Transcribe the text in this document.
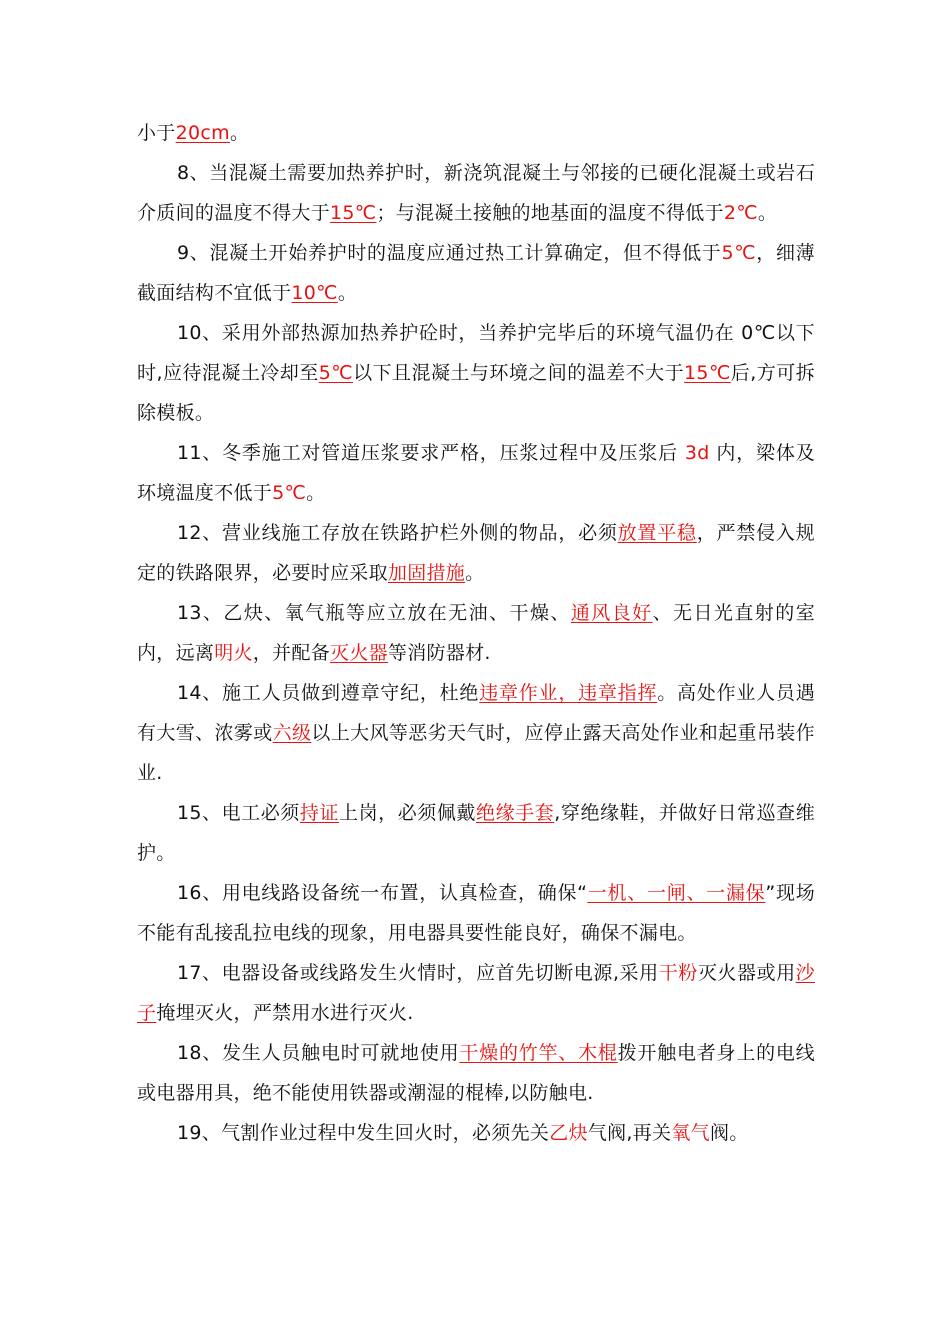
小于20cm。

8、当混凝土需要加热养护时，新浇筑混凝土与邻接的已硬化混凝土或岩石介质间的温度不得大于15℃；与混凝土接触的地基面的温度不得低于2℃。

9、混凝土开始养护时的温度应通过热工计算确定，但不得低于5℃，细薄截面结构不宜低于10℃。

10、采用外部热源加热养护砼时，当养护完毕后的环境气温仍在 0℃以下时,应待混凝土冷却至5℃以下且混凝土与环境之间的温差不大于15℃后,方可拆除模板。

11、冬季施工对管道压浆要求严格，压浆过程中及压浆后 3d 内，梁体及环境温度不低于5℃。

12、营业线施工存放在铁路护栏外侧的物品，必须放置平稳，严禁侵入规定的铁路限界，必要时应采取加固措施。

13、乙炔、氧气瓶等应立放在无油、干燥、通风良好、无日光直射的室内，远离明火，并配备灭火器等消防器材.

14、施工人员做到遵章守纪，杜绝违章作业，违章指挥。高处作业人员遇有大雪、浓雾或六级以上大风等恶劣天气时，应停止露天高处作业和起重吊装作业.

15、电工必须持证上岗，必须佩戴绝缘手套,穿绝缘鞋，并做好日常巡查维护。

16、用电线路设备统一布置，认真检查，确保“一机、一闸、一漏保”现场不能有乱接乱拉电线的现象，用电器具要性能良好，确保不漏电。

17、电器设备或线路发生火情时，应首先切断电源,采用干粉灭火器或用沙子掩埋灭火，严禁用水进行灭火.

18、发生人员触电时可就地使用干燥的竹竿、木棍拨开触电者身上的电线或电器用具，绝不能使用铁器或潮湿的棍棒,以防触电.

19、气割作业过程中发生回火时，必须先关乙炔气阀,再关氧气阀。
